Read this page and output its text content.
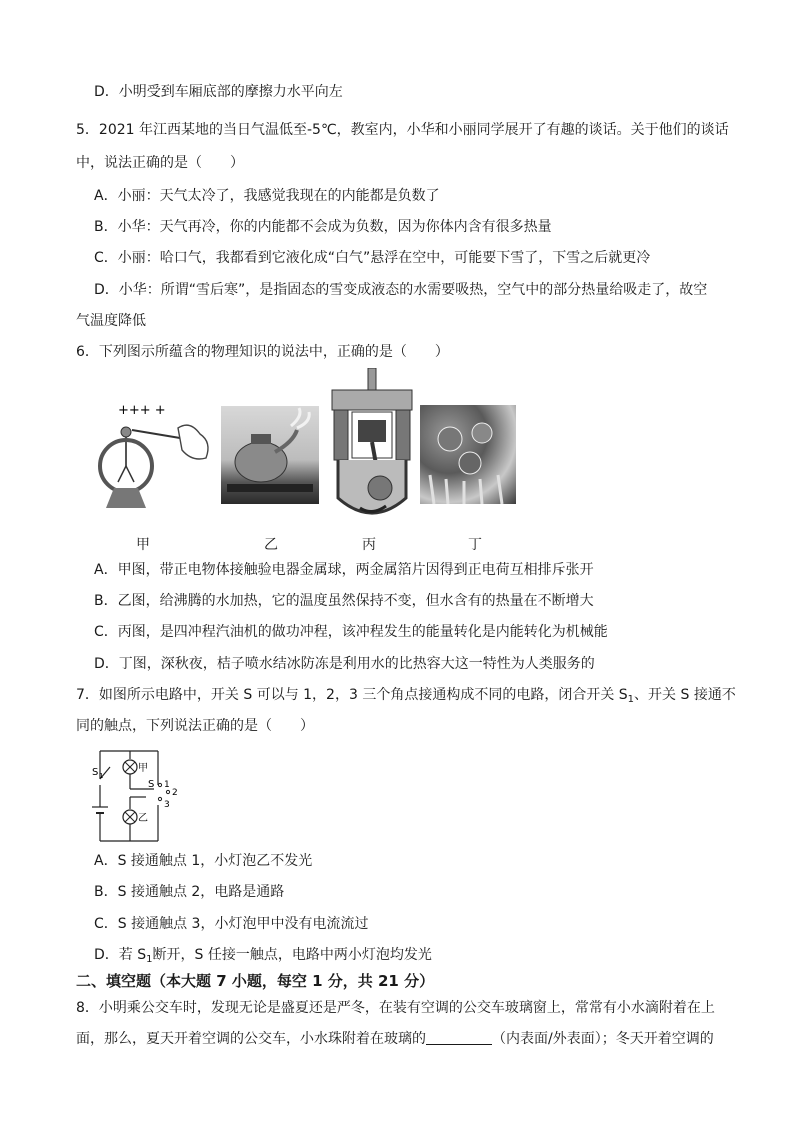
D．小明受到车厢底部的摩擦力水平向左
5．2021 年江西某地的当日气温低至-5℃，教室内，小华和小丽同学展开了有趣的谈话。关于他们的谈话
中，说法正确的是（　　）
A．小丽：天气太冷了，我感觉我现在的内能都是负数了
B．小华：天气再冷，你的内能都不会成为负数，因为你体内含有很多热量
C．小丽：哈口气，我都看到它液化成“白气”悬浮在空中，可能要下雪了，下雪之后就更冷
D．小华：所谓“雪后寒”，是指固态的雪变成液态的水需要吸热，空气中的部分热量给吸走了，故空
气温度降低
6．下列图示所蕴含的物理知识的说法中，正确的是（　　）
+++ +
甲	乙	丙	丁
A．甲图，带正电物体接触验电器金属球，两金属箔片因得到正电荷互相排斥张开
B．乙图，给沸腾的水加热，它的温度虽然保持不变，但水含有的热量在不断增大
C．丙图，是四冲程汽油机的做功冲程，该冲程发生的能量转化是内能转化为机械能
D．丁图，深秋夜，桔子喷水结冰防冻是利用水的比热容大这一特性为人类服务的
7．如图所示电路中，开关 S 可以与 1，2，3 三个角点接通构成不同的电路，闭合开关 $S_1$、开关 S 接通不
同的触点，下列说法正确的是（　　）
S 1
甲
乙
S 1
2
3
A．S 接通触点 1，小灯泡乙不发光
B．S 接通触点 2，电路是通路
C．S 接通触点 3，小灯泡甲中没有电流流过
D．若 $S_1$断开，S 任接一触点，电路中两小灯泡均发光
二、填空题（本大题 7 小题，每空 1 分，共 21 分）
8．小明乘公交车时，发现无论是盛夏还是严冬，在装有空调的公交车玻璃窗上，常常有小水滴附着在上
面，那么，夏天开着空调的公交车，小水珠附着在玻璃的	（内表面/外表面）；冬天开着空调的
